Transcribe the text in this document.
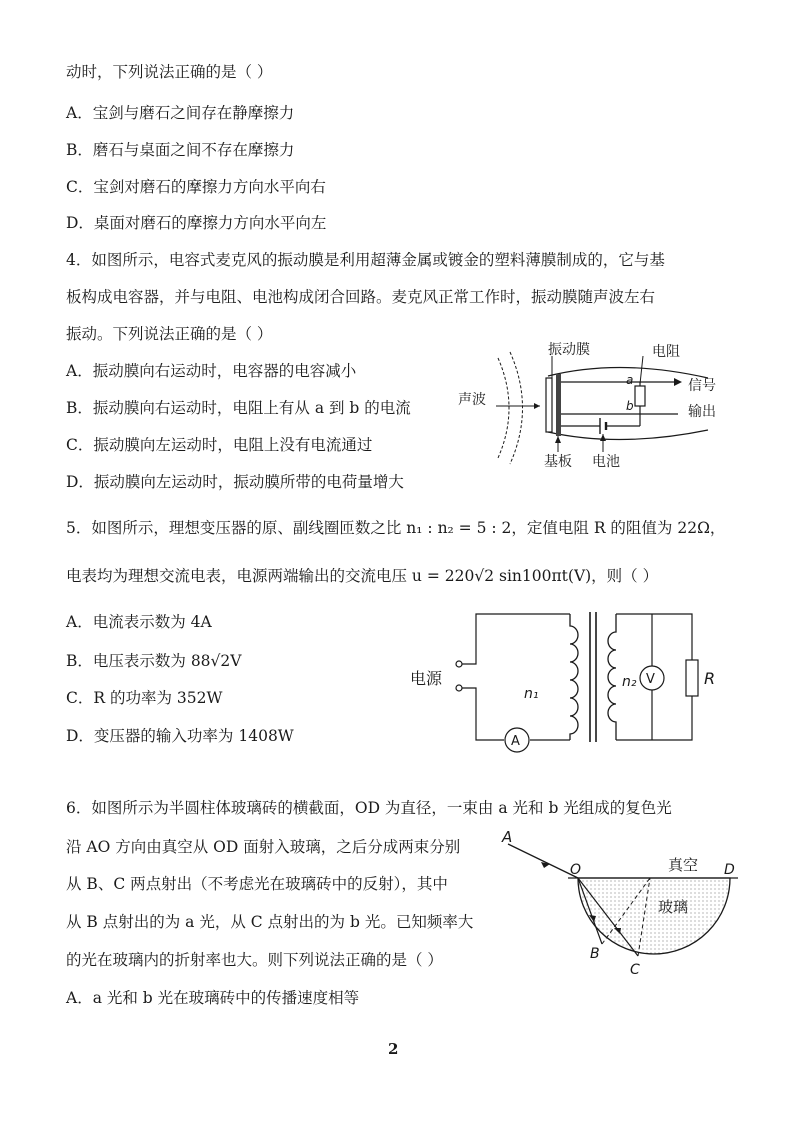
动时，下列说法正确的是（ ）
A．宝剑与磨石之间存在静摩擦力
B．磨石与桌面之间不存在摩擦力
C．宝剑对磨石的摩擦力方向水平向右
D．桌面对磨石的摩擦力方向水平向左
4．如图所示，电容式麦克风的振动膜是利用超薄金属或镀金的塑料薄膜制成的，它与基
板构成电容器，并与电阻、电池构成闭合回路。麦克风正常工作时，振动膜随声波左右
振动。下列说法正确的是（ ）
A．振动膜向右运动时，电容器的电容减小
B．振动膜向右运动时，电阻上有从 a 到 b 的电流
C．振动膜向左运动时，电阻上没有电流通过
D．振动膜向左运动时，振动膜所带的电荷量增大
声波
a
b
振动膜	电阻
信号
输出
基板 电池
5．如图所示，理想变压器的原、副线圈匝数之比 n₁ : n₂ = 5 : 2，定值电阻 R 的阻值为 22Ω，
电表均为理想交流电表，电源两端输出的交流电压 u = 220√2 sin100πt(V)，则（ ）
A．电流表示数为 4A
B．电压表示数为 88√2V
C．R 的功率为 352W
D．变压器的输入功率为 1408W
电源
A
n₁
n₂ V	R
6．如图所示为半圆柱体玻璃砖的横截面，OD 为直径，一束由 a 光和 b 光组成的复色光
沿 AO 方向由真空从 OD 面射入玻璃，之后分成两束分别
从 B、C 两点射出（不考虑光在玻璃砖中的反射），其中
从 B 点射出的为 a 光，从 C 点射出的为 b 光。已知频率大
的光在玻璃内的折射率也大。则下列说法正确的是（ ）
A．a 光和 b 光在玻璃砖中的传播速度相等
A
O	D
B
C
真空
玻璃
2
